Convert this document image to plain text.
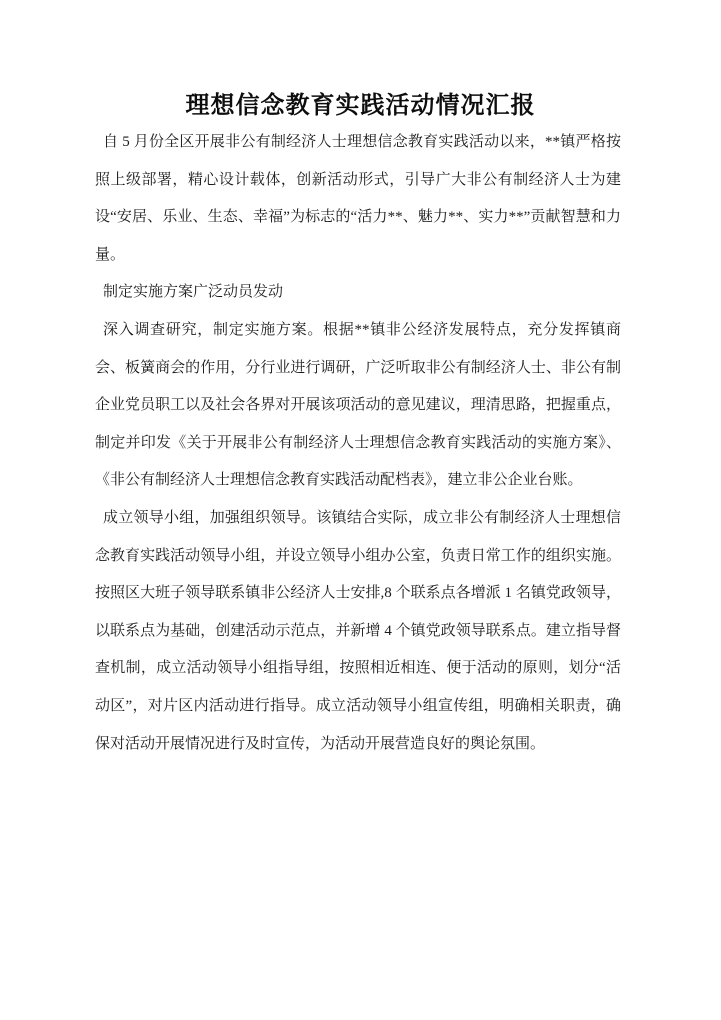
理想信念教育实践活动情况汇报

自 5 月份全区开展非公有制经济人士理想信念教育实践活动以来，**镇严格按照上级部署，精心设计载体，创新活动形式，引导广大非公有制经济人士为建设“安居、乐业、生态、幸福”为标志的“活力**、魅力**、实力**”贡献智慧和力量。

制定实施方案广泛动员发动

深入调查研究，制定实施方案。根据**镇非公经济发展特点，充分发挥镇商会、板簧商会的作用，分行业进行调研，广泛听取非公有制经济人士、非公有制企业党员职工以及社会各界对开展该项活动的意见建议，理清思路，把握重点，制定并印发《关于开展非公有制经济人士理想信念教育实践活动的实施方案》、《非公有制经济人士理想信念教育实践活动配档表》，建立非公企业台账。

成立领导小组，加强组织领导。该镇结合实际，成立非公有制经济人士理想信念教育实践活动领导小组，并设立领导小组办公室，负责日常工作的组织实施。按照区大班子领导联系镇非公经济人士安排,8 个联系点各增派 1 名镇党政领导，以联系点为基础，创建活动示范点，并新增 4 个镇党政领导联系点。建立指导督查机制，成立活动领导小组指导组，按照相近相连、便于活动的原则，划分“活动区”，对片区内活动进行指导。成立活动领导小组宣传组，明确相关职责，确保对活动开展情况进行及时宣传，为活动开展营造良好的舆论氛围。
